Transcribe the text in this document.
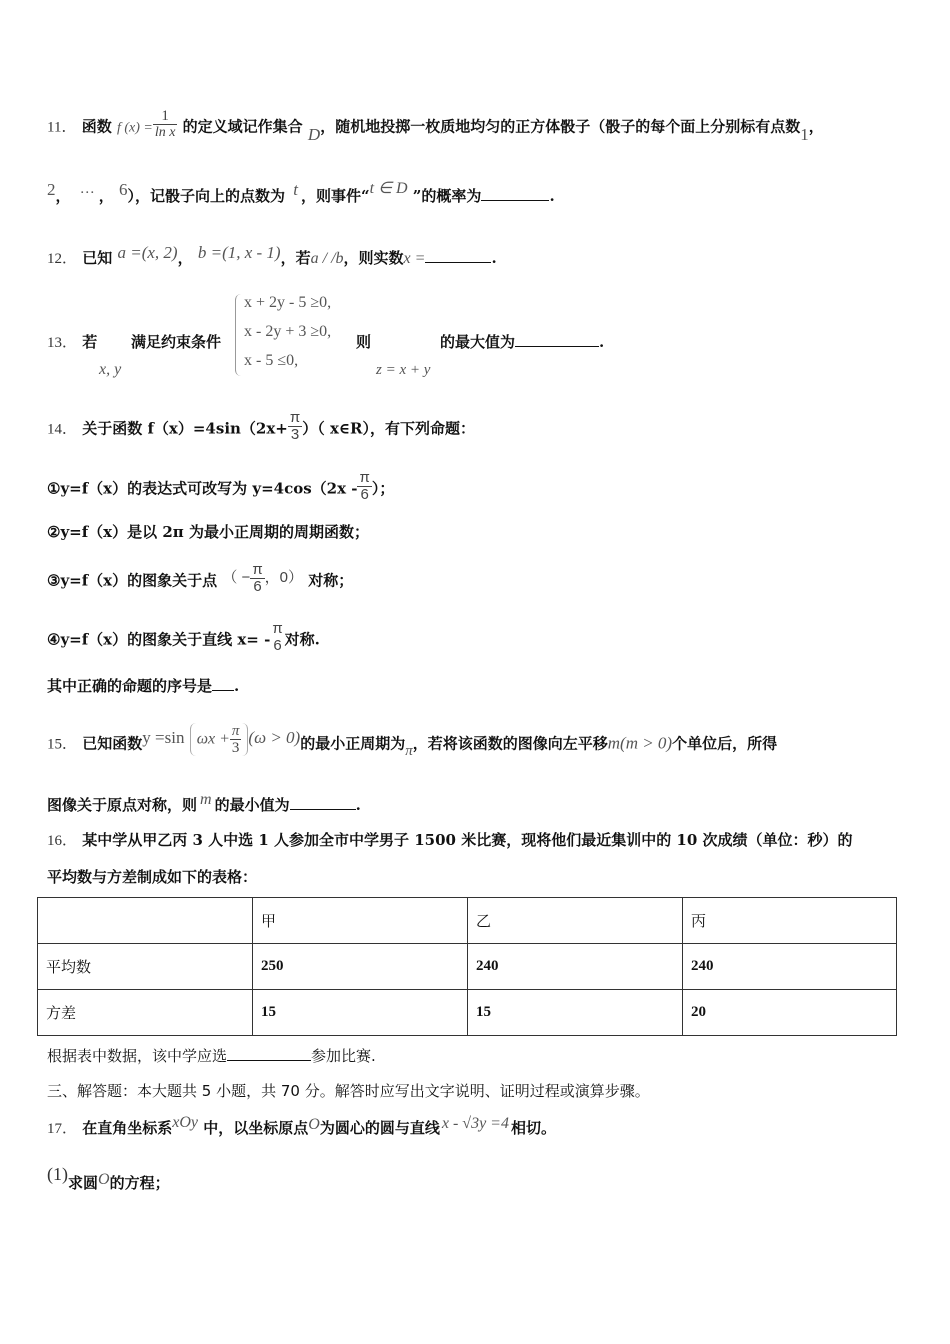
11． 函数 f $(x) = \frac{1}{\text{ln x}}$ 的定义域记作集合 D，随机地投掷一枚质地均匀的正方体骰子（骰子的每个面上分别标有点数1，
2， … ， 6），记骰子向上的点数为 t ，则事件“t ∈ D ”的概率为	.
12． 已知 a =(x, 2)， b =(1, x - 1)，若a / /b，则实数x =	.
13． 若
x, y
满足约束条件
x + 2y - 5 ≥0,
x - 2y + 3 ≥0,
x - 5 ≤0,
则
z = x + y
的最大值为	.
14． 关于函数 $f(x)=4\sin(2x+ \frac{\pi}{3}$ ）（ x∈R），有下列命题：
①y=f（x）的表达式可改写为 $y=4\cos(2x - \frac{\pi}{6}$ ）；
②y=f（x）是以 2π 为最小正周期的周期函数；
③y=f（x）的图象关于点 （ − $\frac{\pi}{6}$ ，0） 对称；
④y=f（x）的图象关于直线 $x= - \frac{\pi}{6}$ 对称.
其中正确的命题的序号是 .
15． 已知函数y =sin $\omega x + \frac{\pi}{3} (\omega > 0)$的最小正周期为π，若将该函数的图像向左平移m(m > 0)个单位后，所得
图像关于原点对称，则 m 的最小值为	.
16． 某中学从甲乙丙 3 人中选 1 人参加全市中学男子 1500 米比赛，现将他们最近集训中的 10 次成绩（单位：秒）的
平均数与方差制成如下的表格：
	甲	乙	丙
平均数	250	240	240
方差	15	15	20
根据表中数据，该中学应选	参加比赛.
三、解答题：本大题共 5 小题，共 70 分。解答时应写出文字说明、证明过程或演算步骤。
17． 在直角坐标系xOy 中，以坐标原点O为圆心的圆与直线 x - √3y =4 相切。
(1)求圆O的方程；
